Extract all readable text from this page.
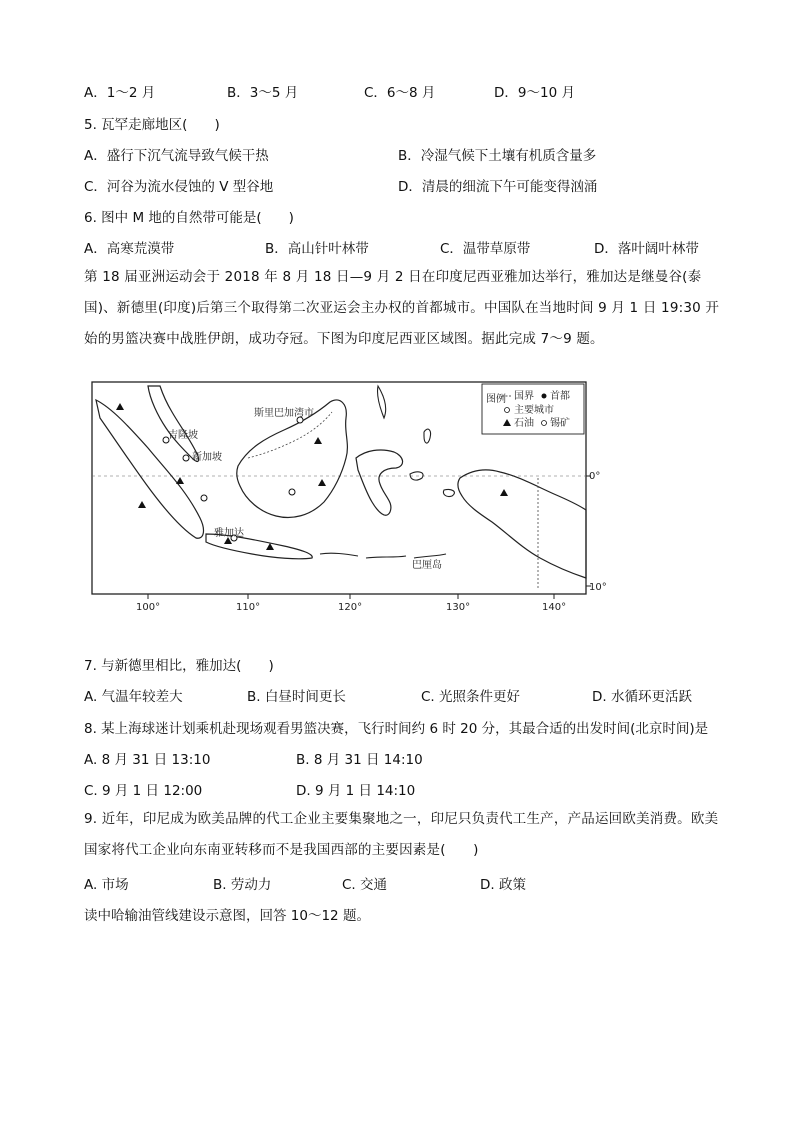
A．1～2 月	B．3～5 月	C．6～8 月	D．9～10 月
5. 瓦罕走廊地区(　　)
A．盛行下沉气流导致气候干热	B．冷湿气候下土壤有机质含量多
C．河谷为流水侵蚀的 V 型谷地	D．清晨的细流下午可能变得汹涌
6. 图中 M 地的自然带可能是(　　)
A．高寒荒漠带	B．高山针叶林带	C．温带草原带	D．落叶阔叶林带
第 18 届亚洲运动会于 2018 年 8 月 18 日—9 月 2 日在印度尼西亚雅加达举行，雅加达是继曼谷(泰国)、新德里(印度)后第三个取得第二次亚运会主办权的首都城市。中国队在当地时间 9 月 1 日 19:30 开始的男篮决赛中战胜伊朗，成功夺冠。下图为印度尼西亚区域图。据此完成 7～9 题。
斯里巴加湾市
吉隆坡
新加坡
雅加达
巴厘岛
图例 国界 首都
主要城市
石油 锡矿
100°	110°	120°	130°	140°
0°
10°
7. 与新德里相比，雅加达(　　)
A. 气温年较差大	B. 白昼时间更长	C. 光照条件更好	D. 水循环更活跃
8. 某上海球迷计划乘机赴现场观看男篮决赛，飞行时间约 6 时 20 分，其最合适的出发时间(北京时间)是
A. 8 月 31 日 13:10	B. 8 月 31 日 14:10
C. 9 月 1 日 12:00	D. 9 月 1 日 14:10
9. 近年，印尼成为欧美品牌的代工企业主要集聚地之一，印尼只负责代工生产，产品运回欧美消费。欧美国家将代工企业向东南亚转移而不是我国西部的主要因素是(　　)
A. 市场	B. 劳动力	C. 交通	D. 政策
读中哈输油管线建设示意图，回答 10～12 题。
